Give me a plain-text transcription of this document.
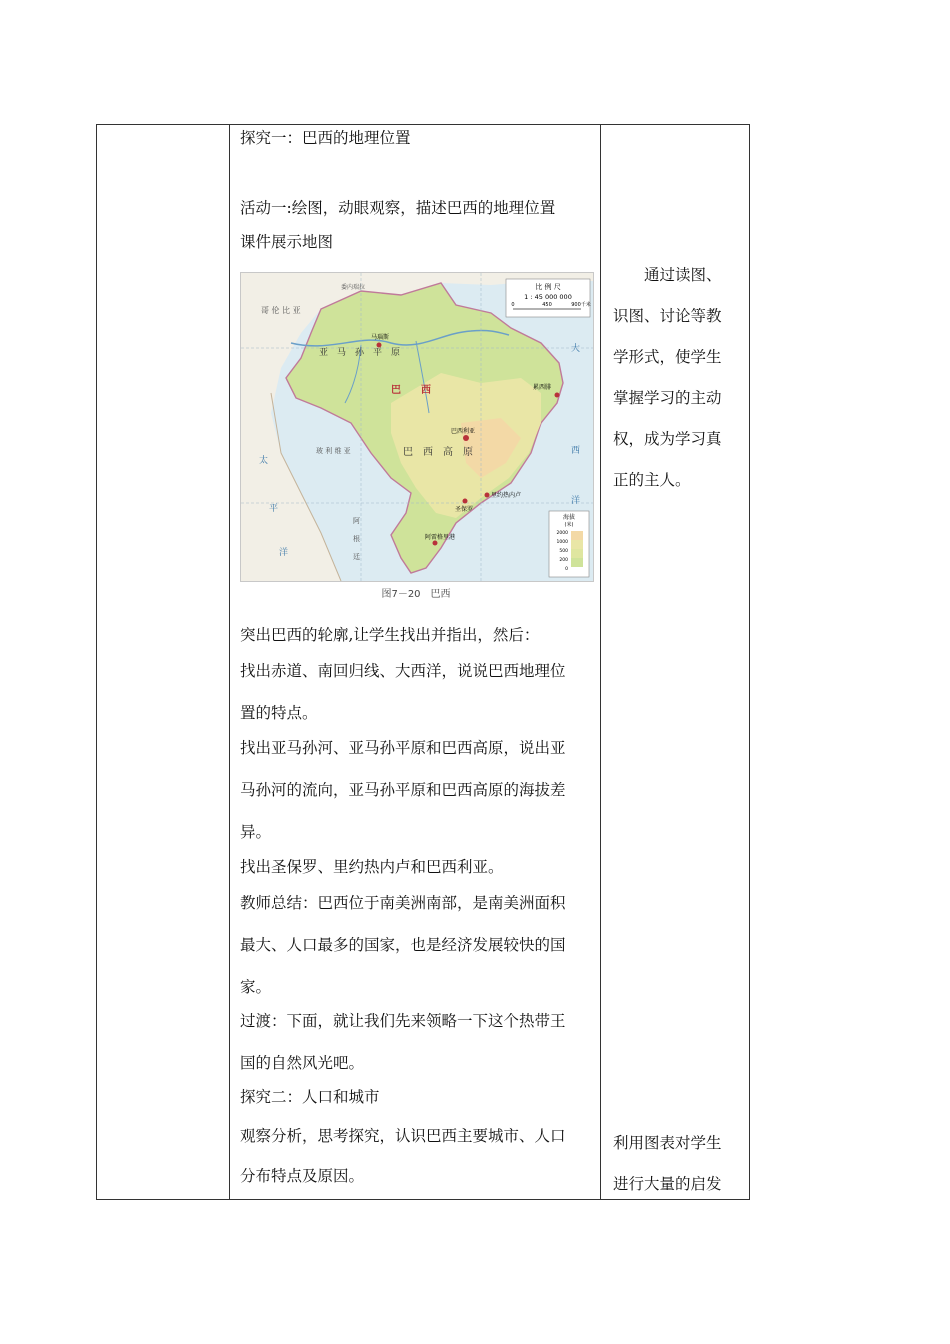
探究一：巴西的地理位置
活动一:绘图，动眼观察，描述巴西的地理位置
课件展示地图
比 例 尺
1 : 45 000 000
0	450	900千米
海拔
(米)
2000
1000
500
200
0
哥 伦 比 亚
委内瑞拉
亚　马　孙　平　原
巴　　西
巴　西　高　原
玻 利 维 亚
太
平
洋
大
西
洋
阿
根
廷
马瑙斯
巴西利亚
累西腓
里约热内卢
圣保罗
阿雷格里港
图7－20　巴西
突出巴西的轮廓,让学生找出并指出，然后：
找出赤道、南回归线、大西洋，说说巴西地理位
置的特点。
找出亚马孙河、亚马孙平原和巴西高原，说出亚
马孙河的流向，亚马孙平原和巴西高原的海拔差
异。
找出圣保罗、里约热内卢和巴西利亚。
教师总结：巴西位于南美洲南部，是南美洲面积
最大、人口最多的国家，也是经济发展较快的国
家。
过渡：下面，就让我们先来领略一下这个热带王
国的自然风光吧。
探究二：人口和城市
观察分析，思考探究，认识巴西主要城市、人口
分布特点及原因。

　　通过读图、
识图、讨论等教
学形式，使学生
掌握学习的主动
权，成为学习真
正的主人。
利用图表对学生
进行大量的启发
